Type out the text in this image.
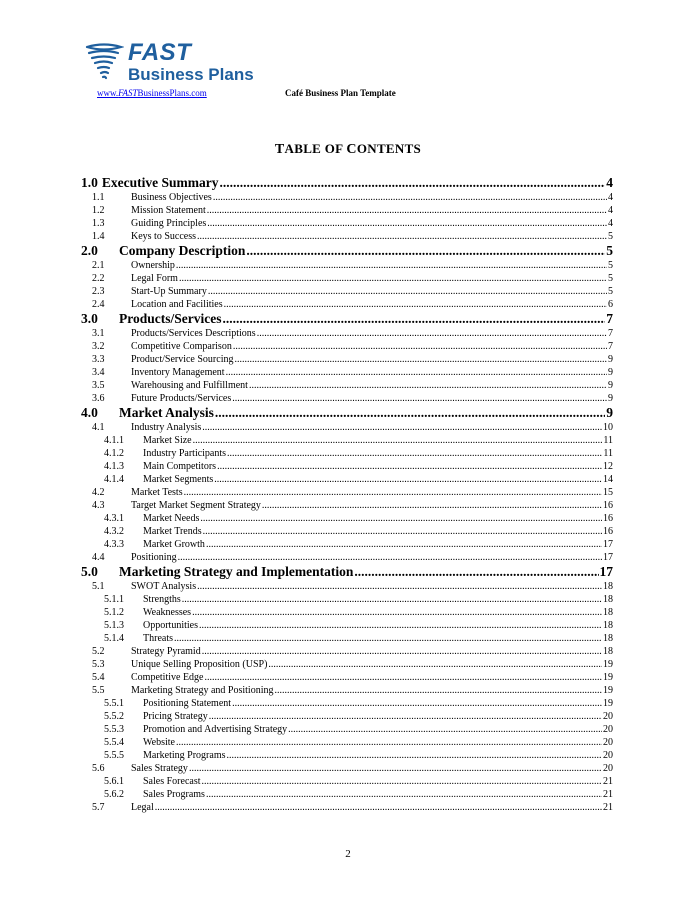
FAST
Business Plans
www.FASTBusinessPlans.com	Café Business Plan Template
TABLE OF CONTENTS
1.0 Executive Summary .....	4
1.1	Business Objectives .....	4
1.2	Mission Statement .....	4
1.3	Guiding Principles .....	4
1.4	Keys to Success .....	5
2.0	Company Description .....	5
2.1	Ownership .....	5
2.2	Legal Form .....	5
2.3	Start-Up Summary .....	5
2.4	Location and Facilities .....	6
3.0	Products/Services .....	7
3.1	Products/Services Descriptions .....	7
3.2	Competitive Comparison .....	7
3.3	Product/Service Sourcing .....	9
3.4	Inventory Management .....	9
3.5	Warehousing and Fulfillment .....	9
3.6	Future Products/Services .....	9
4.0	Market Analysis .....	9
4.1	Industry Analysis .....	10
4.1.1	Market Size .....	11
4.1.2	Industry Participants .....	11
4.1.3	Main Competitors .....	12
4.1.4	Market Segments .....	14
4.2	Market Tests .....	15
4.3	Target Market Segment Strategy .....	16
4.3.1	Market Needs .....	16
4.3.2	Market Trends .....	16
4.3.3	Market Growth .....	17
4.4	Positioning .....	17
5.0	Marketing Strategy and Implementation .....	17
5.1	SWOT Analysis .....	18
5.1.1	Strengths .....	18
5.1.2	Weaknesses .....	18
5.1.3	Opportunities .....	18
5.1.4	Threats .....	18
5.2	Strategy Pyramid .....	18
5.3	Unique Selling Proposition (USP) .....	19
5.4	Competitive Edge .....	19
5.5	Marketing Strategy and Positioning .....	19
5.5.1	Positioning Statement .....	19
5.5.2	Pricing Strategy .....	20
5.5.3	Promotion and Advertising Strategy .....	20
5.5.4	Website .....	20
5.5.5	Marketing Programs .....	20
5.6	Sales Strategy .....	20
5.6.1	Sales Forecast .....	21
5.6.2	Sales Programs .....	21
5.7	Legal .....	21
2
